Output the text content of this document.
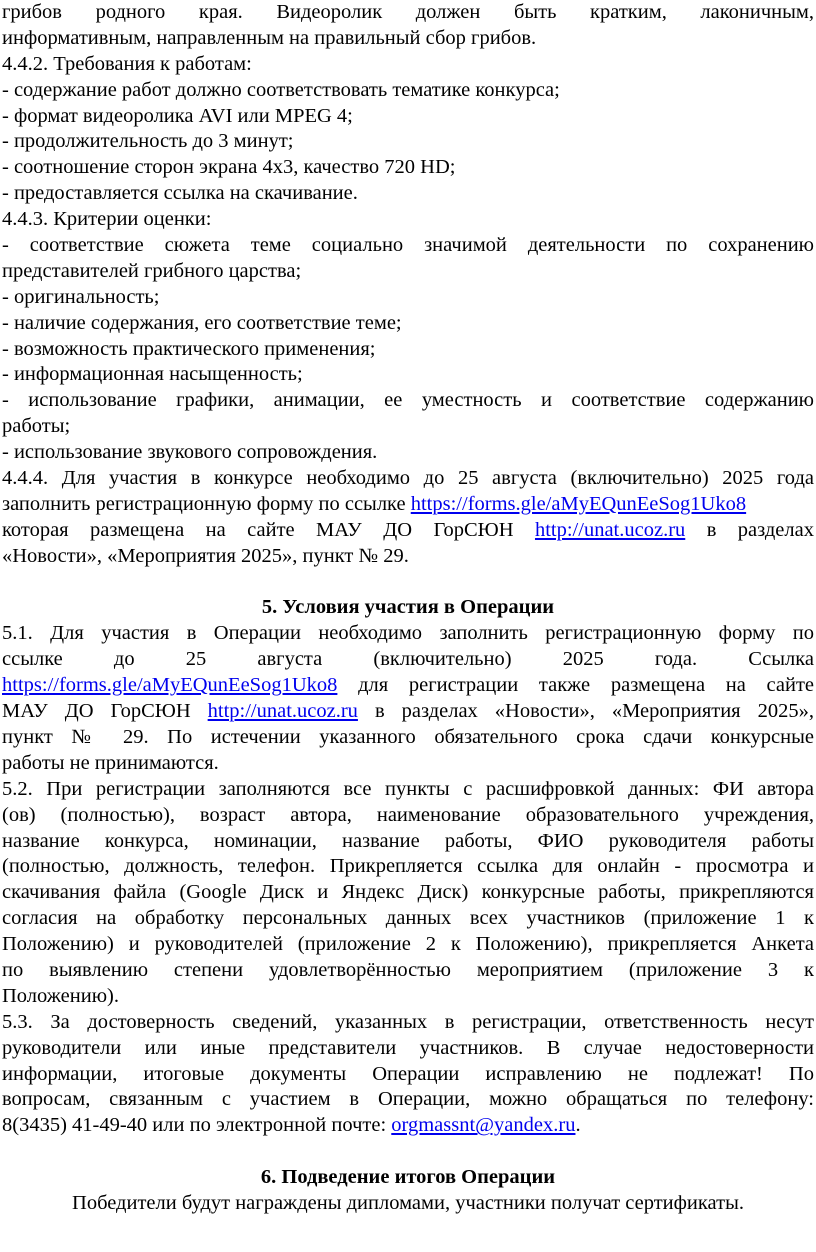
грибов родного края. Видеоролик должен быть кратким, лаконичным,
информативным, направленным на правильный сбор грибов.
4.4.2. Требования к работам:
- содержание работ должно соответствовать тематике конкурса;
- формат видеоролика AVI или MPEG 4;
- продолжительность до 3 минут;
- соотношение сторон экрана 4х3, качество 720 HD;
- предоставляется ссылка на скачивание.
4.4.3. Критерии оценки:
- соответствие сюжета теме социально значимой деятельности по сохранению
представителей грибного царства;
- оригинальность;
- наличие содержания, его соответствие теме;
- возможность практического применения;
- информационная насыщенность;
- использование графики, анимации, ее уместность и соответствие содержанию
работы;
- использование звукового сопровождения.
4.4.4. Для участия в конкурсе необходимо до 25 августа (включительно) 2025 года
заполнить регистрационную форму по ссылке https://forms.gle/aMyEQunEeSog1Uko8
которая размещена на сайте МАУ ДО ГорСЮН http://unat.ucoz.ru в разделах
«Новости», «Мероприятия 2025», пункт № 29.
5. Условия участия в Операции
5.1. Для участия в Операции необходимо заполнить регистрационную форму по
ссылке до 25 августа (включительно) 2025 года. Ссылка
https://forms.gle/aMyEQunEeSog1Uko8 для регистрации также размещена на сайте
МАУ ДО ГорСЮН http://unat.ucoz.ru в разделах «Новости», «Мероприятия 2025»,
пункт № 29. По истечении указанного обязательного срока сдачи конкурсные
работы не принимаются.
5.2. При регистрации заполняются все пункты с расшифровкой данных: ФИ автора
(ов) (полностью), возраст автора, наименование образовательного учреждения,
название конкурса, номинации, название работы, ФИО руководителя работы
(полностью, должность, телефон. Прикрепляется ссылка для онлайн - просмотра и
скачивания файла (Google Диск и Яндекс Диск) конкурсные работы, прикрепляются
согласия на обработку персональных данных всех участников (приложение 1 к
Положению) и руководителей (приложение 2 к Положению), прикрепляется Анкета
по выявлению степени удовлетворённостью мероприятием (приложение 3 к
Положению).
5.3. За достоверность сведений, указанных в регистрации, ответственность несут
руководители или иные представители участников. В случае недостоверности
информации, итоговые документы Операции исправлению не подлежат! По
вопросам, связанным с участием в Операции, можно обращаться по телефону:
8(3435) 41-49-40 или по электронной почте: orgmassnt@yandex.ru.
6. Подведение итогов Операции
Победители будут награждены дипломами, участники получат сертификаты.
